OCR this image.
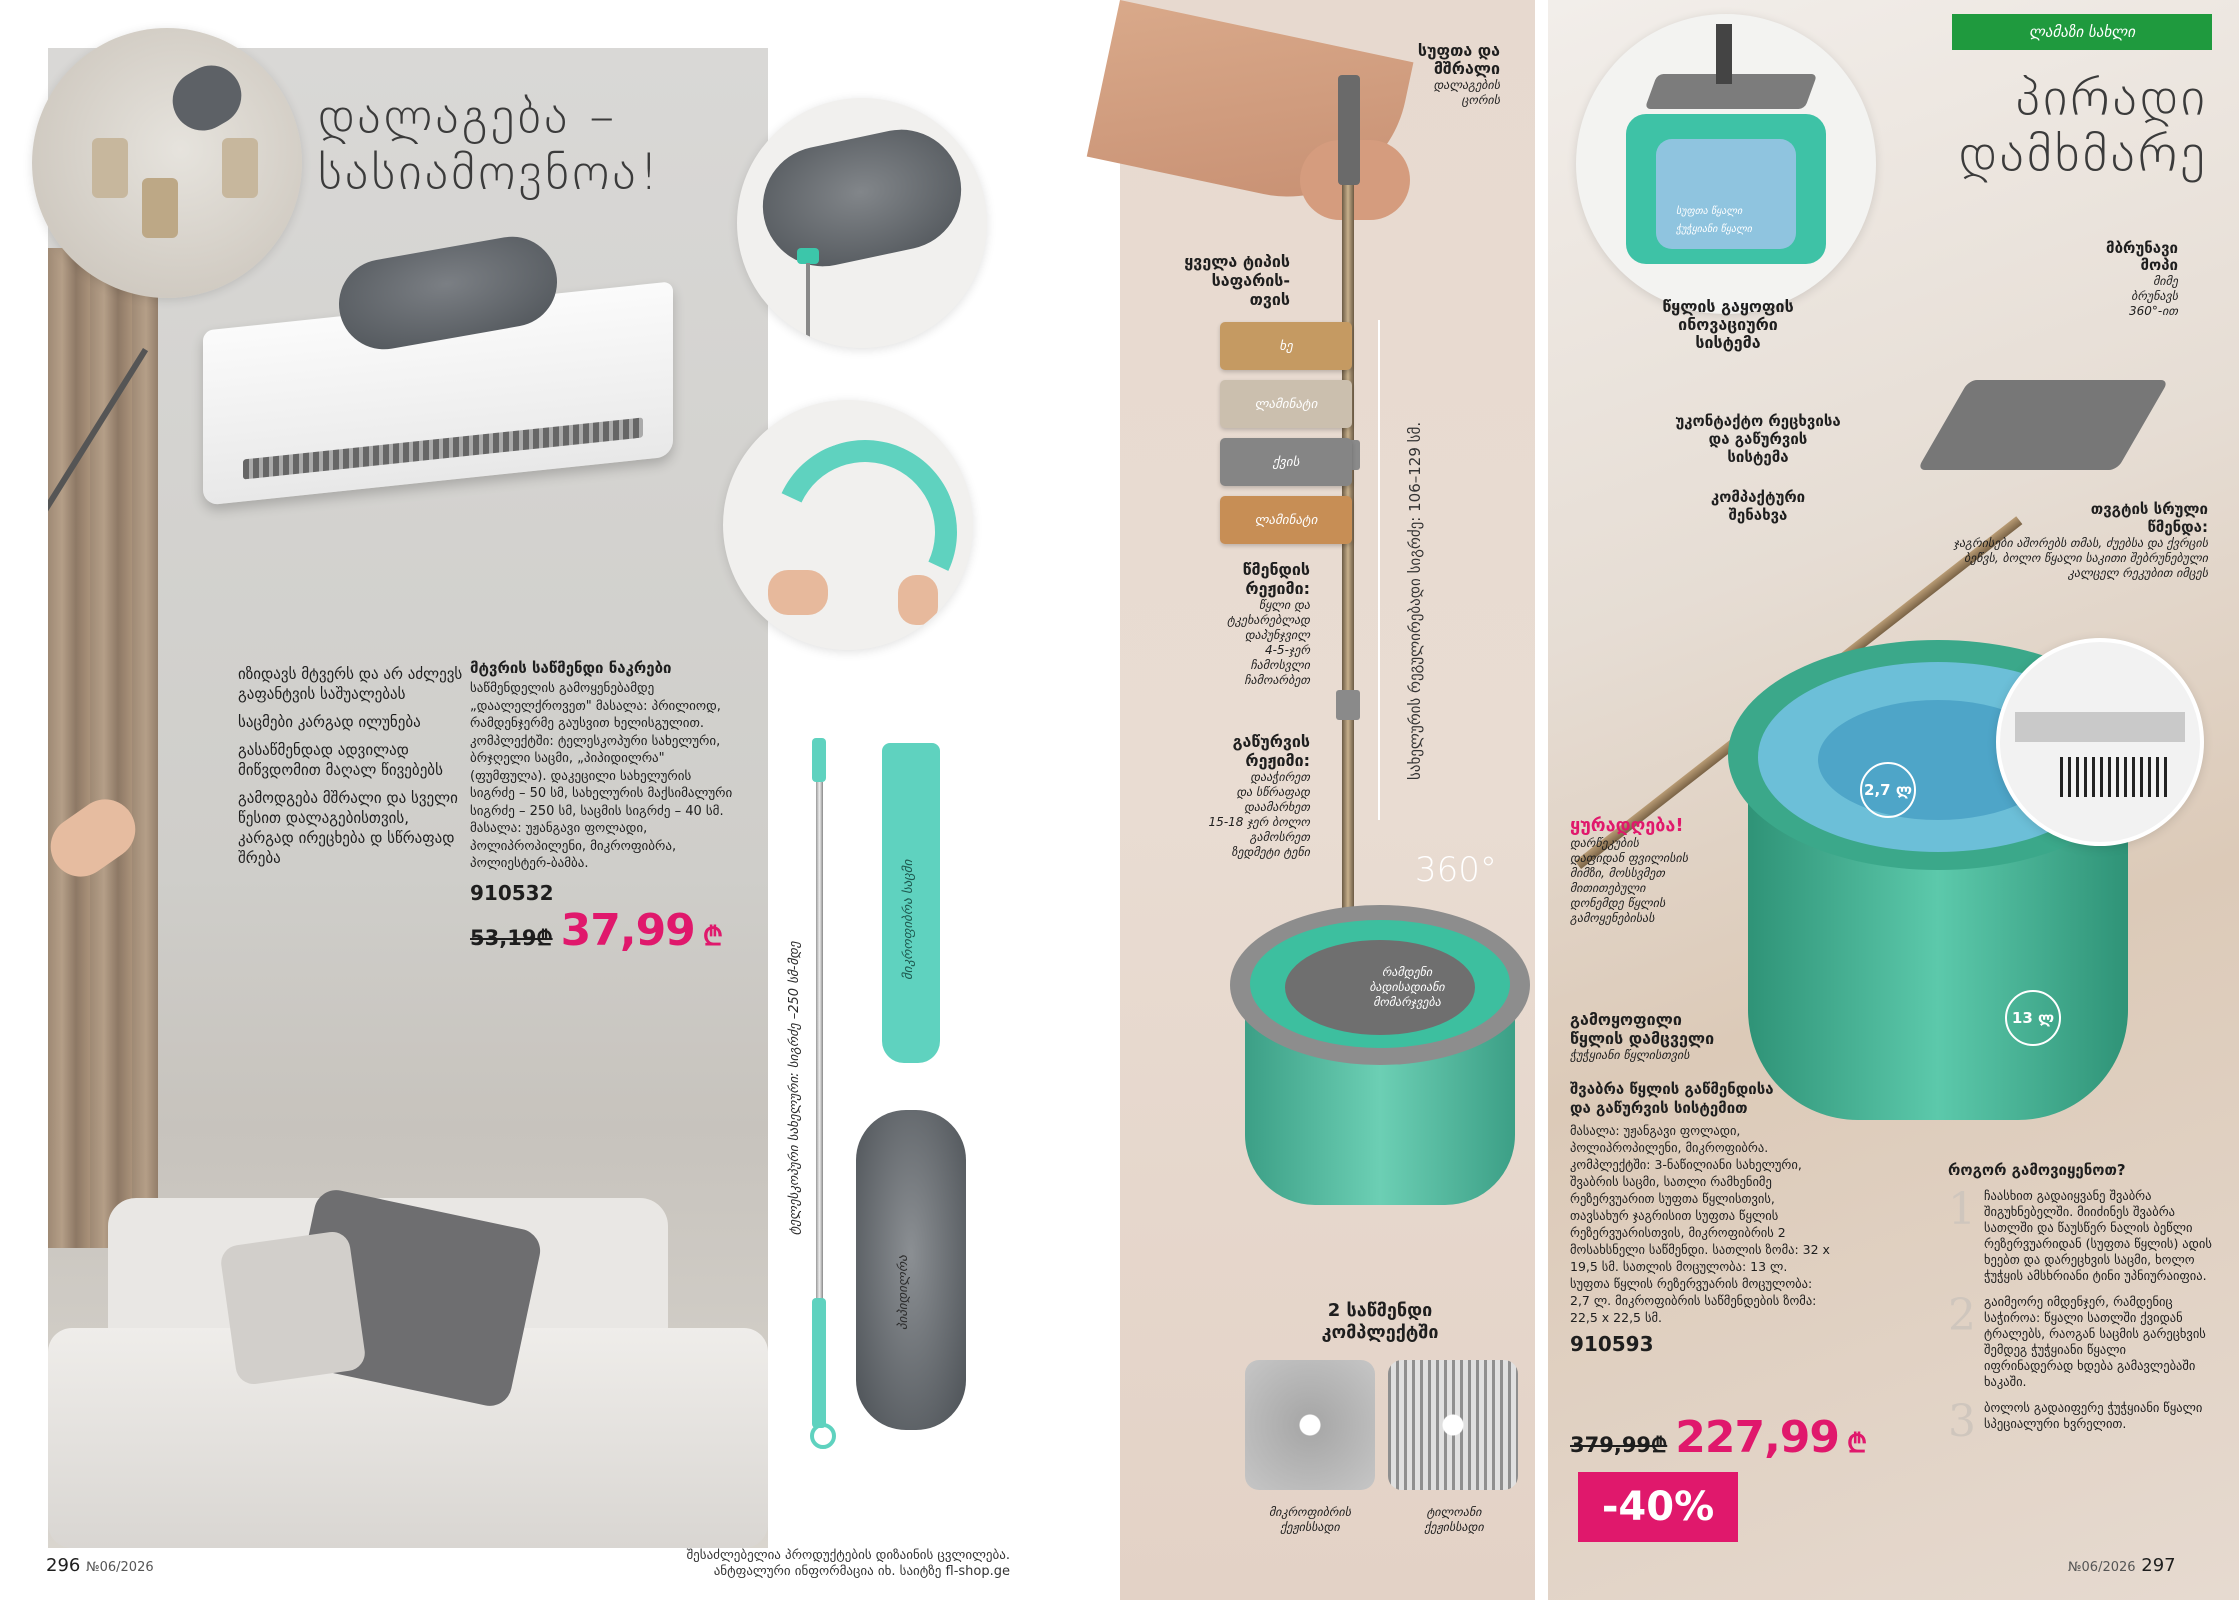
დალაგება –
სასიამოვნოა!
იზიდავს მტვერს და არ აძლევს გაფანტვის საშუალებას
საცმები კარგად ილუნება
გასაწმენდად ადვილად მიწვდომით მაღალ წივებებს
გამოდგება მშრალი და სველი წესით დალაგებისთვის, კარგად ირეცხება დ სწრაფად შრება
მტვრის საწმენდი ნაკრები
საწმენდელის გამოყენებამდე „დაალელქროვეთ" მასალა: პრილიოდ, რამდენჯერმე გაუსვით ხელისგულით. კომპლექტში: ტელესკოპური სახელური, ბრჯღელი საცმი, „პიპიდილრა" (ფუმფულა). დაკეცილი სახელურის სიგრძე – 50 სმ, სახელურის მაქსიმალური სიგრძე – 250 სმ, საცმის სიგრძე – 40 სმ. მასალა: უჟანგავი ფოლადი, პოლიპროპილენი, მიკროფიბრა, პოლიესტერ-ბამბა.
910532
53,19₾ 37,99 ₾
ტელესკოპური სახელური: სიგრძე –250 სმ-მდე
მიკროფიბრა საცმი
პიპიდილრა
296 №06/2026
შესაძლებელია პროდუქტების დიზაინის ცვლილება.
ანტფალური ინფორმაცია იხ. საიტზე fl-shop.ge
სახელურის რეგულირებადი სიგრძე: 106–129 სმ.
სუფთა და
მშრალი
დალაგების
ცორის
ყველა ტიპის
საფარის-
თვის
ხე
ლამინატი
ქვის
ლამინატი
წმენდის
რეჟიმი:
წყლი და
ტკეხარებლად
დაპუნჯვილ
4-5-ჯერ
ჩამოსვლი
ჩამოარბეთ
გაწურვის
რეჟიმი:
დააჭირეთ
და სწრაფად
დაამარხეთ
15-18 ჯერ ბოლო
გამოსრეთ
ზედმეტი ტენი	360°
რამდენი
ბადისადიანი
მომარჯვება
2 საწმენდი
კომპლექტში
მიკროფიბრის
ქეჟისსადი
ტილოანი
ქეჟისსადი
ლამაზი სახლი
პირადი
დამხმარე
სუფთა წყალი
ჭუჭყიანი წყალი
წყლის გაყოფის
ინოვაციური
სისტემა
მბრუნავი
მოპი
მიმე
ბრუნავს
360°-ით
უკონტაქტო რეცხვისა
და გაწურვის
სისტემა
კომპაქტური
შენახვა	თვგტის სრული
წმენდა:
ჯაგრისები აშორებს თმას, ძუებსა და ქვრცის ბეწვს, ბოლო წყალი საკითი შებრუნებული კალცელ რეკუბით იმცეს
2,7 ლ
13 ლ
ყურადღება!
დარწეკუბის
დაფიდან ფვილისის
მიმზი, მოსსვმეთ
მითითებული
დონემდე წყლის
გამოყენებისას
გამოყოფილი
წყლის დამცველი
ჭუჭყიანი წყლისთვის
შვაბრა წყლის გაწმენდისა
და გაწურვის სისტემით
მასალა: უჟანგავი ფოლადი, პოლიპროპილენი, მიკროფიბრა. კომპლექტში: 3-ნაწილიანი სახელური, შვაბრის საცმი, სათლი რამხენიმე რეზერვუარით სუფთა წყლისთვის, თავსახურ ჯაგრისით სუფთა წყლის რეზერვუარისთვის, მიკროფიბრის 2 მოსახსნელი საწმენდი. სათლის ზომა: 32 x 19,5 სმ. სათლის მოცულობა: 13 ლ. სუფთა წყლის რეზერვუარის მოცულობა: 2,7 ლ. მიკროფიბრის საწმენდების ზომა: 22,5 x 22,5 სმ.
910593
379,99₾ 227,99 ₾
-40%
როგორ გამოვიყენოთ?
1 ჩაასხით გადაიყვანე შვაბრა შიგუხნებელში. მიიძინეს შვაბრა სათლში და წაუსწერ ნალის ბეწლი რეზერვუარიდან (სუფთა წყლის) ადის ხეებთ და დარეცხვის საცმი, ხოლო ჭუჭყის ამსხრიანი ტინი უპნიურაიფია.
2 გაიმეორე იმდენჯერ, რამდენიც საჭიროა: წყალი სათლში ქვიდან ტრალებს, რაოგან საცმის გარეცხვის შემდეგ ჭუჭყიანი წყალი იფრინადერად ხდება გამავლებაში ხაკაში.
3 ბოლოს გადაიფერე ჭუჭყიანი წყალი სპეციალური ხვრელით.
№06/2026 297
